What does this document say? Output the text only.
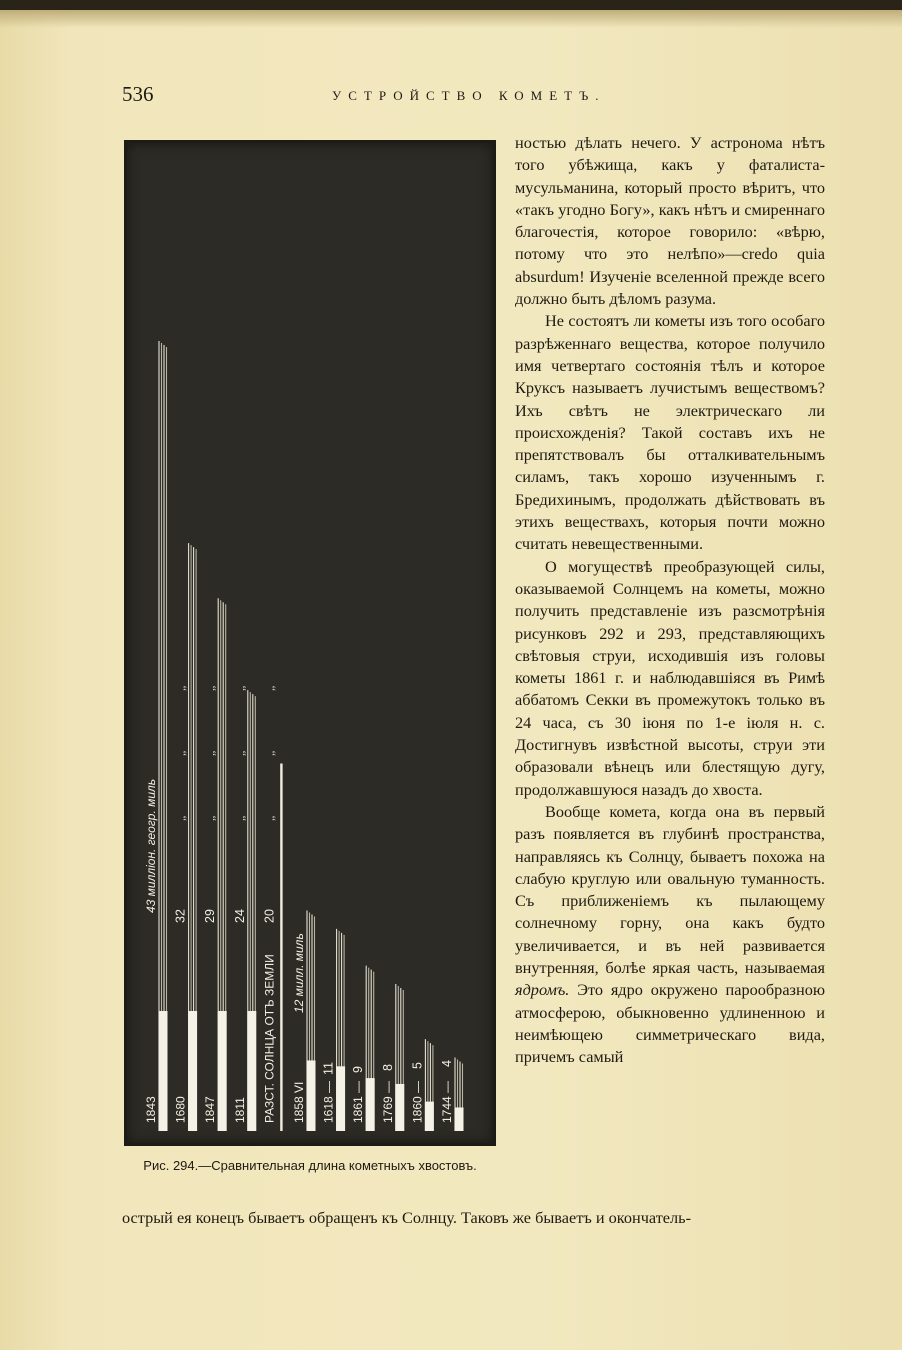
536	УСТРОЙСТВО КОМЕТЪ.
1843
43 миллiон. геогр. миль
1680
32
„
„
„
1847
29
„
„
„
1811
24
„
„
„
РАЗСТ. СОЛНЦА ОТЪ ЗЕМЛИ
20
„
„
„
1858 VI
12 милл. миль
1618 —
11
1861 —
9
1769 —
8
1860 —
5
1744 —
4
Рис. 294.—Сравнительная длина кометныхъ хвостовъ.

ностью дѣлать нечего. У астронома нѣтъ того убѣжища, какъ у фаталиста-мусульманина, который просто вѣритъ, что «такъ угодно Богу», какъ нѣтъ и смиреннаго благочестія, которое говорило: «вѣрю, потому что это нелѣпо»—credo quia absurdum! Изученіе вселенной прежде всего должно быть дѣломъ разума.

Не состоятъ ли кометы изъ того особаго разрѣженнаго вещества, которое получило имя четвертаго состоянія тѣлъ и которое Круксъ называетъ лучистымъ веществомъ? Ихъ свѣтъ не электрическаго ли происхожденія? Такой составъ ихъ не препятствовалъ бы отталкивательнымъ силамъ, такъ хорошо изученнымъ г. Бредихинымъ, продолжать дѣйствовать въ этихъ веществахъ, которыя почти можно считать невещественными.

О могуществѣ преобразующей силы, оказываемой Солнцемъ на кометы, можно получить представленіе изъ разсмотрѣнія рисунковъ 292 и 293, представляющихъ свѣтовыя струи, исходившія изъ головы кометы 1861 г. и наблюдавшіяся въ Римѣ аббатомъ Секки въ промежутокъ только въ 24 часа, съ 30 іюня по 1-е іюля н. с. Достигнувъ извѣстной высоты, струи эти образовали вѣнецъ или блестящую дугу, продолжавшуюся назадъ до хвоста.

Вообще комета, когда она въ первый разъ появляется въ глубинѣ пространства, направляясь къ Солнцу, бываетъ похожа на слабую круглую или овальную туманность. Съ приближеніемъ къ пылающему солнечному горну, она какъ будто увеличивается, и въ ней развивается внутренняя, болѣе яркая часть, называемая ядромъ. Это ядро окружено парообразною атмосферою, обыкновенно удлиненною и неимѣющею симметрическаго вида, причемъ самый

острый ея конецъ бываетъ обращенъ къ Солнцу. Таковъ же бываетъ и окончатель-
